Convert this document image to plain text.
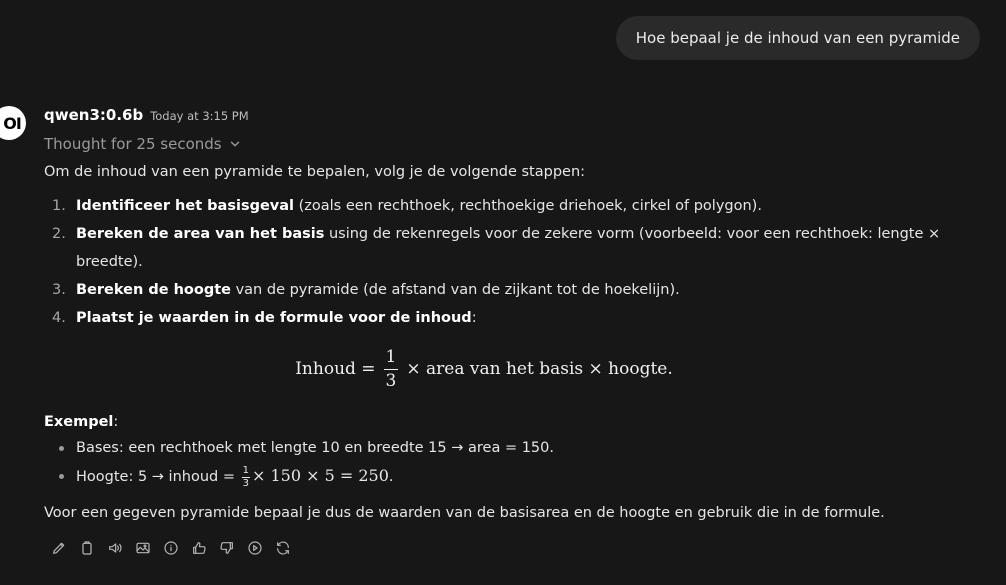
Hoe bepaal je de inhoud van een pyramide
OI qwen3:0.6b Today at 3:15 PM
Thought for 25 seconds
Om de inhoud van een pyramide te bepalen, volg je de volgende stappen:
1. Identificeer het basisgeval (zoals een rechthoek, rechthoekige driehoek, cirkel of polygon).
2. Bereken de area van het basis using de rekenregels voor de zekere vorm (voorbeeld: voor een rechthoek: lengte × breedte).
3. Bereken de hoogte van de pyramide (de afstand van de zijkant tot de hoekelijn).
4. Plaatst je waarden in de formule voor de inhoud:
Inhoud = $\frac{1}{3}$ × area van het basis × hoogte.
Exempel:
Bases: een rechthoek met lengte 10 en breedte 15 → area = 150.
Hoogte: 5 → inhoud = $\frac{1}{3} \times 150 \times 5 = 250$.
Voor een gegeven pyramide bepaal je dus de waarden van de basisarea en de hoogte en gebruik die in de formule.
